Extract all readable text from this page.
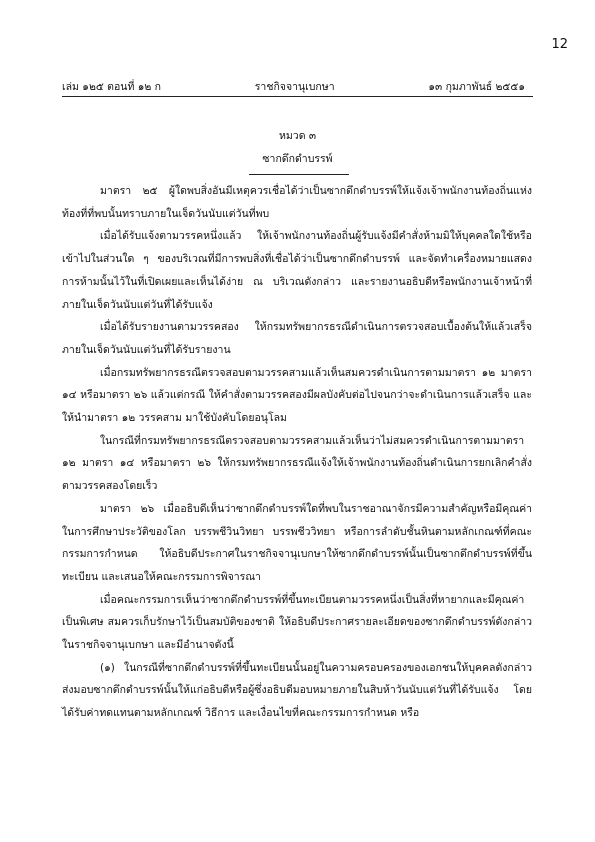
12
เล่ม ๑๒๕ ตอนที่ ๑๒ ก	ราชกิจจานุเบกษา	๑๓ กุมภาพันธ์ ๒๕๕๑
หมวด ๓
ซากดึกดำบรรพ์

มาตรา ๒๕ ผู้ใดพบสิ่งอันมีเหตุควรเชื่อได้ว่าเป็นซากดึกดำบรรพ์ให้แจ้งเจ้าพนักงานท้องถิ่นแห่งท้องที่ที่พบนั้นทราบภายในเจ็ดวันนับแต่วันที่พบ

เมื่อได้รับแจ้งตามวรรคหนึ่งแล้ว ให้เจ้าพนักงานท้องถิ่นผู้รับแจ้งมีคำสั่งห้ามมิให้บุคคลใดใช้หรือเข้าไปในส่วนใด ๆ ของบริเวณที่มีการพบสิ่งที่เชื่อได้ว่าเป็นซากดึกดำบรรพ์ และจัดทำเครื่องหมายแสดงการห้ามนั้นไว้ในที่เปิดเผยและเห็นได้ง่าย ณ บริเวณดังกล่าว และรายงานอธิบดีหรือพนักงานเจ้าหน้าที่ภายในเจ็ดวันนับแต่วันที่ได้รับแจ้ง

เมื่อได้รับรายงานตามวรรคสอง ให้กรมทรัพยากรธรณีดำเนินการตรวจสอบเบื้องต้นให้แล้วเสร็จภายในเจ็ดวันนับแต่วันที่ได้รับรายงาน

เมื่อกรมทรัพยากรธรณีตรวจสอบตามวรรคสามแล้วเห็นสมควรดำเนินการตามมาตรา ๑๒ มาตรา ๑๔ หรือมาตรา ๒๖ แล้วแต่กรณี ให้คำสั่งตามวรรคสองมีผลบังคับต่อไปจนกว่าจะดำเนินการแล้วเสร็จ และให้นำมาตรา ๑๒ วรรคสาม มาใช้บังคับโดยอนุโลม

ในกรณีที่กรมทรัพยากรธรณีตรวจสอบตามวรรคสามแล้วเห็นว่าไม่สมควรดำเนินการตามมาตรา ๑๒ มาตรา ๑๔ หรือมาตรา ๒๖ ให้กรมทรัพยากรธรณีแจ้งให้เจ้าพนักงานท้องถิ่นดำเนินการยกเลิกคำสั่งตามวรรคสองโดยเร็ว

มาตรา ๒๖ เมื่ออธิบดีเห็นว่าซากดึกดำบรรพ์ใดที่พบในราชอาณาจักรมีความสำคัญหรือมีคุณค่าในการศึกษาประวัติของโลก บรรพชีวินวิทยา บรรพชีววิทยา หรือการลำดับชั้นหินตามหลักเกณฑ์ที่คณะกรรมการกำหนด ให้อธิบดีประกาศในราชกิจจานุเบกษาให้ซากดึกดำบรรพ์นั้นเป็นซากดึกดำบรรพ์ที่ขึ้นทะเบียน และเสนอให้คณะกรรมการพิจารณา

เมื่อคณะกรรมการเห็นว่าซากดึกดำบรรพ์ที่ขึ้นทะเบียนตามวรรคหนึ่งเป็นสิ่งที่หายากและมีคุณค่าเป็นพิเศษ สมควรเก็บรักษาไว้เป็นสมบัติของชาติ ให้อธิบดีประกาศรายละเอียดของซากดึกดำบรรพ์ดังกล่าวในราชกิจจานุเบกษา และมีอำนาจดังนี้

(๑) ในกรณีที่ซากดึกดำบรรพ์ที่ขึ้นทะเบียนนั้นอยู่ในความครอบครองของเอกชนให้บุคคลดังกล่าวส่งมอบซากดึกดำบรรพ์นั้นให้แก่อธิบดีหรือผู้ซึ่งอธิบดีมอบหมายภายในสิบห้าวันนับแต่วันที่ได้รับแจ้ง โดยได้รับค่าทดแทนตามหลักเกณฑ์ วิธีการ และเงื่อนไขที่คณะกรรมการกำหนด หรือ
